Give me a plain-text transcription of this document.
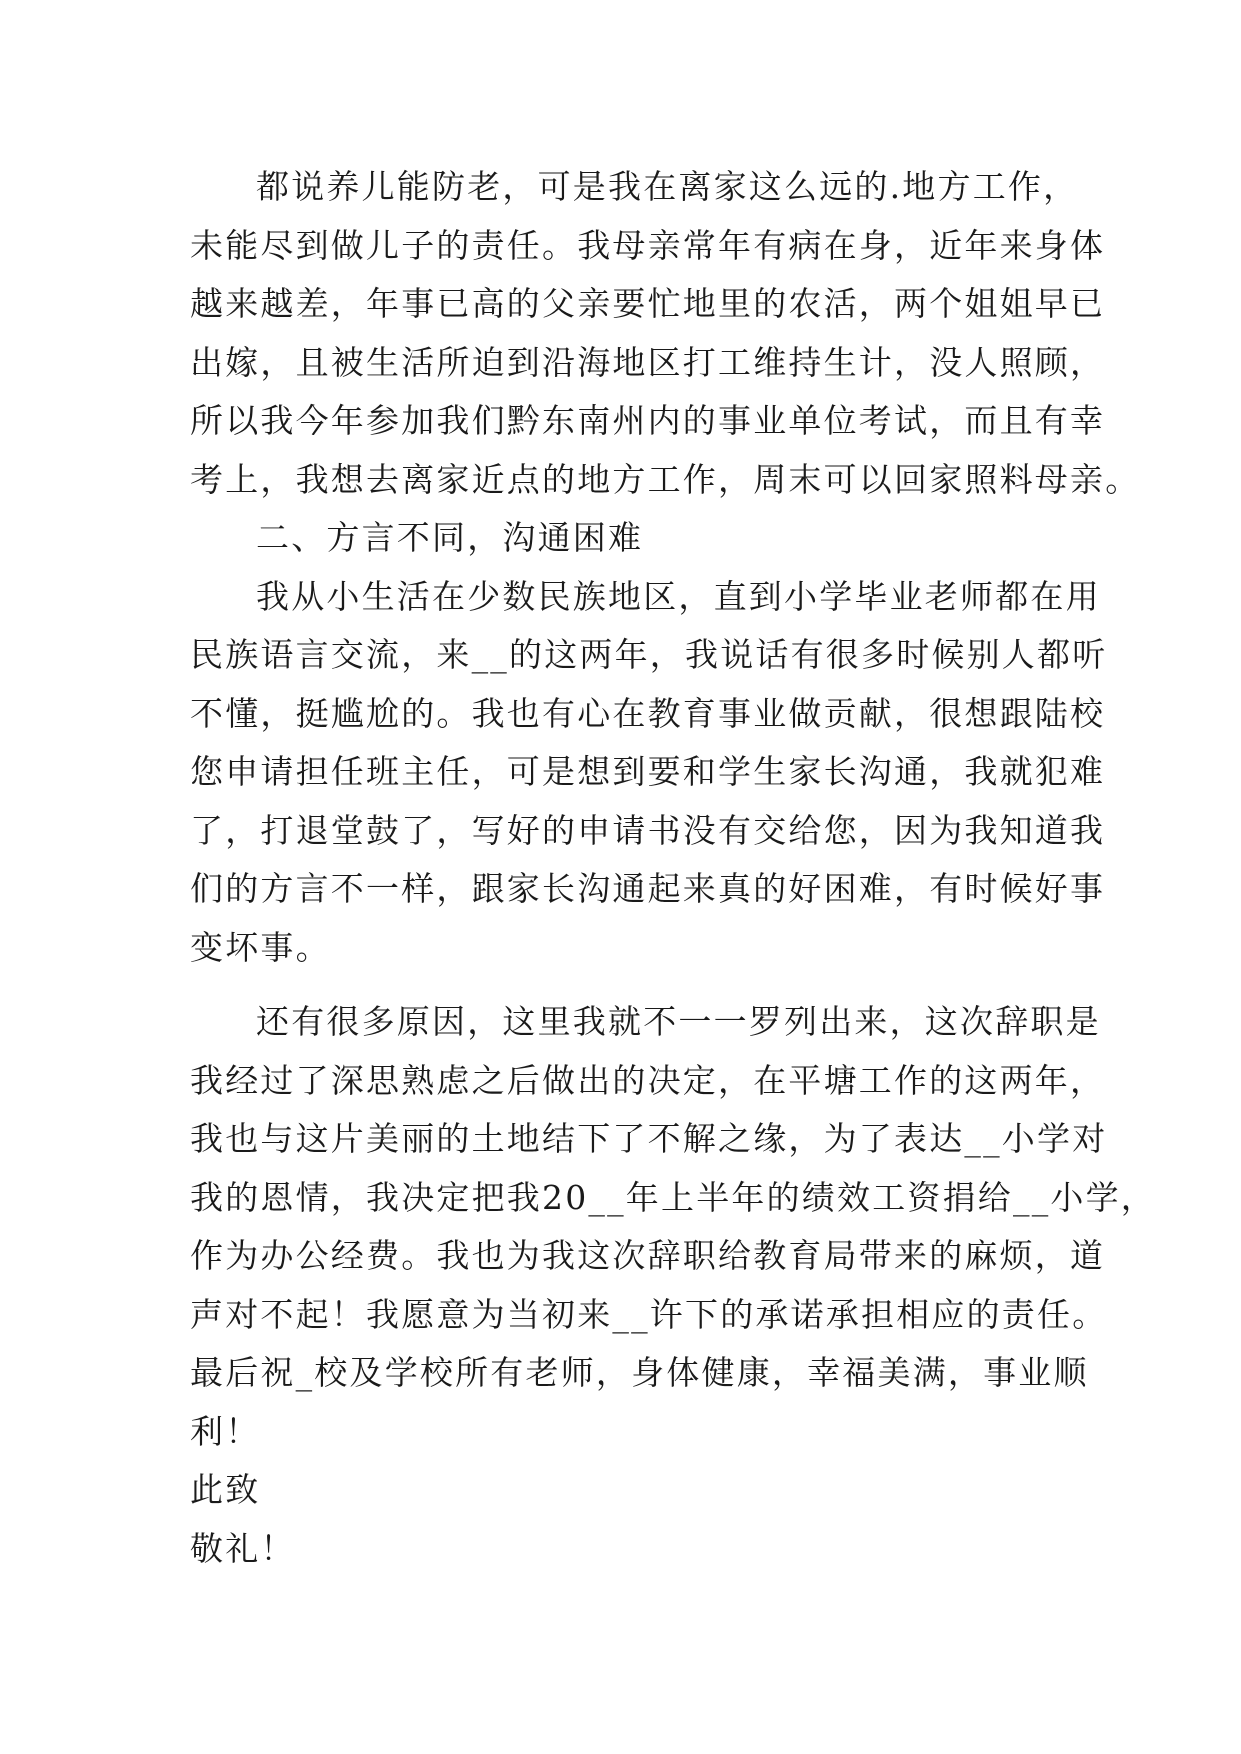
都说养儿能防老，可是我在离家这么远的.地方工作，
未能尽到做儿子的责任。我母亲常年有病在身，近年来身体
越来越差，年事已高的父亲要忙地里的农活，两个姐姐早已
出嫁，且被生活所迫到沿海地区打工维持生计，没人照顾，
所以我今年参加我们黔东南州内的事业单位考试，而且有幸
考上，我想去离家近点的地方工作，周末可以回家照料母亲。
二、方言不同，沟通困难
我从小生活在少数民族地区，直到小学毕业老师都在用
民族语言交流，来__的这两年，我说话有很多时候别人都听
不懂，挺尴尬的。我也有心在教育事业做贡献，很想跟陆校
您申请担任班主任，可是想到要和学生家长沟通，我就犯难
了，打退堂鼓了，写好的申请书没有交给您，因为我知道我
们的方言不一样，跟家长沟通起来真的好困难，有时候好事
变坏事。
还有很多原因，这里我就不一一罗列出来，这次辞职是
我经过了深思熟虑之后做出的决定，在平塘工作的这两年，
我也与这片美丽的土地结下了不解之缘，为了表达__小学对
我的恩情，我决定把我20__年上半年的绩效工资捐给__小学，
作为办公经费。我也为我这次辞职给教育局带来的麻烦，道
声对不起！我愿意为当初来__许下的承诺承担相应的责任。
最后祝_校及学校所有老师，身体健康，幸福美满，事业顺
利！
此致
敬礼！
